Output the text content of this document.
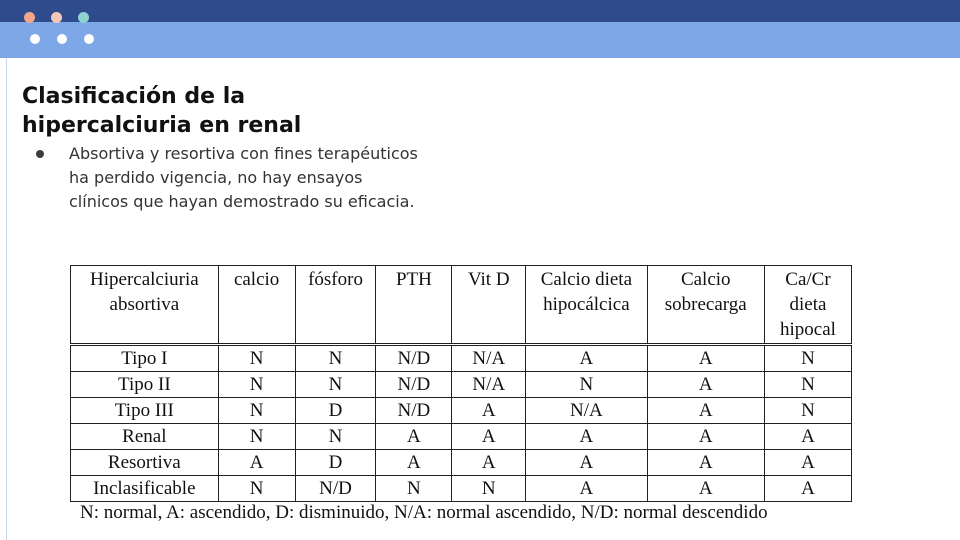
Clasificación de la hipercalciuria en renal
Absortiva y resortiva con fines terapéuticos ha perdido vigencia, no hay ensayos clínicos que hayan demostrado su eficacia.
Hipercalciuria absortiva	calcio	fósforo	PTH	Vit D	Calcio dieta hipocálcica	Calcio sobrecarga	Ca/Cr dieta hipocal
Tipo I	N	N	N/D	N/A	A	A	N
Tipo II	N	N	N/D	N/A	N	A	N
Tipo III	N	D	N/D	A	N/A	A	N
Renal	N	N	A	A	A	A	A
Resortiva	A	D	A	A	A	A	A
Inclasificable	N	N/D	N	N	A	A	A
N: normal, A: ascendido, D: disminuido, N/A: normal ascendido, N/D: normal descendido
